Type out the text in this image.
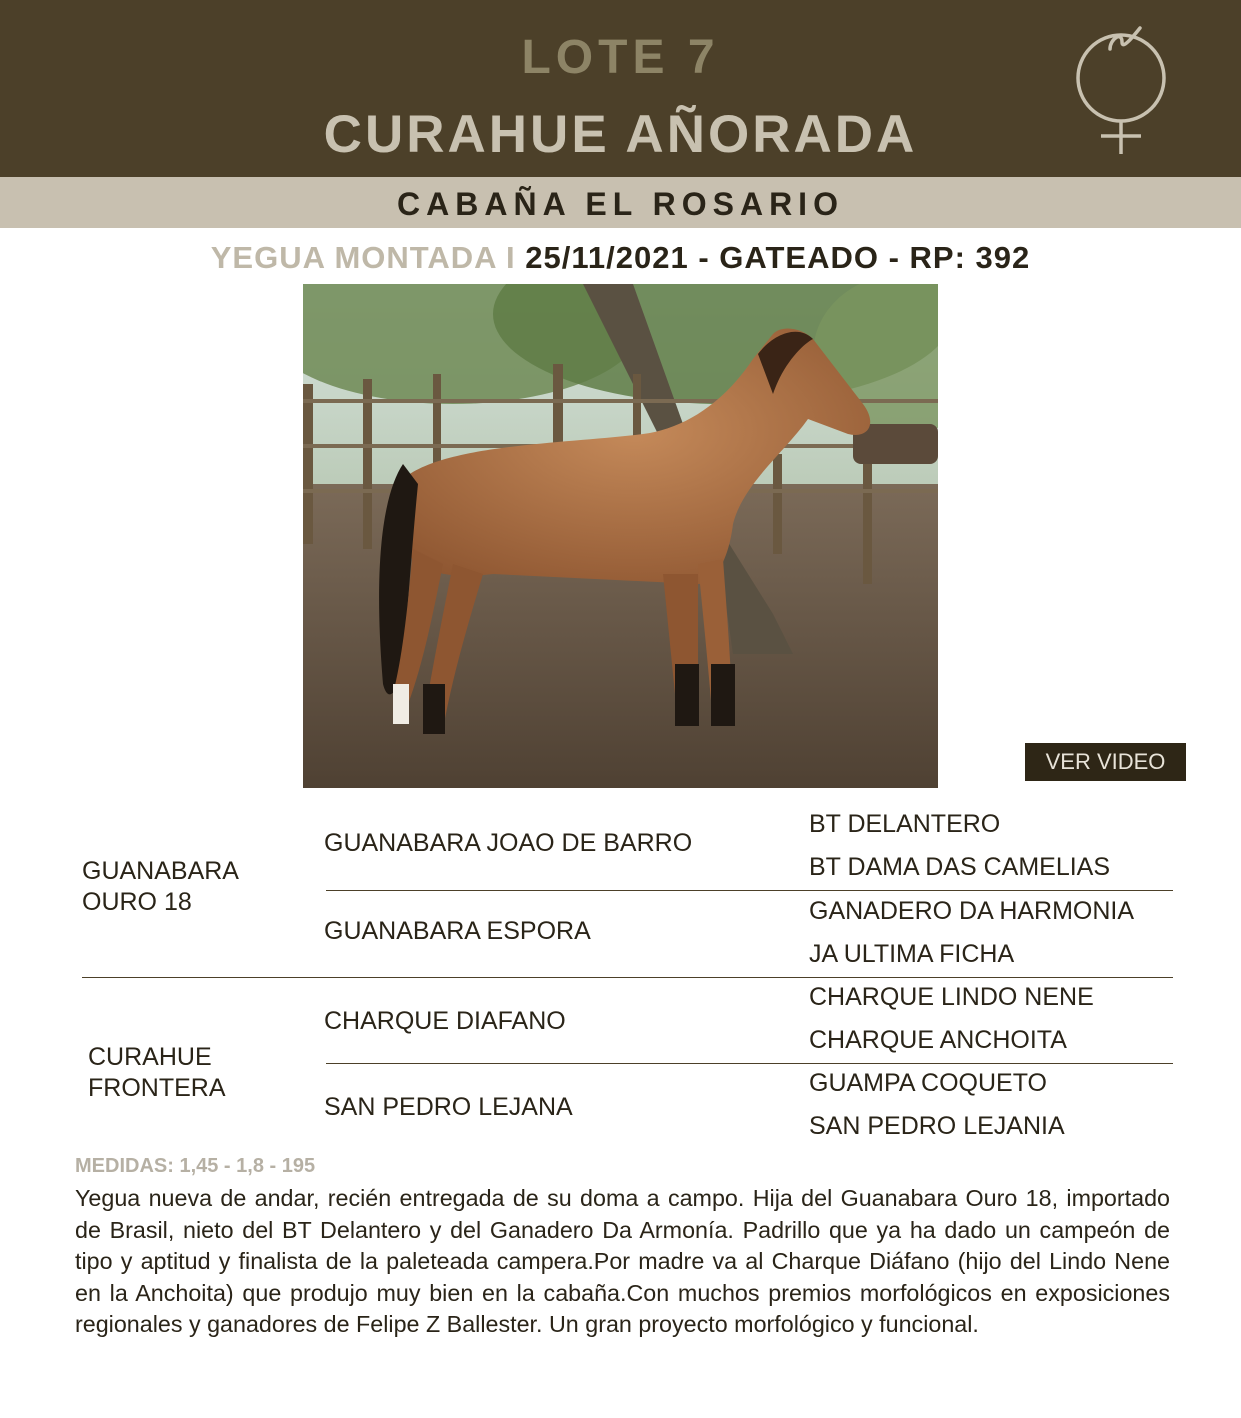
LOTE 7
CURAHUE AÑORADA
CABAÑA EL ROSARIO
YEGUA MONTADA I 25/11/2021 - GATEADO - RP: 392
VER VIDEO
GUANABARA
OURO 18
CURAHUE
FRONTERA
GUANABARA JOAO DE BARRO
GUANABARA ESPORA
CHARQUE DIAFANO
SAN PEDRO LEJANA
BT DELANTERO
BT DAMA DAS CAMELIAS
GANADERO DA HARMONIA
JA ULTIMA FICHA
CHARQUE LINDO NENE
CHARQUE ANCHOITA
GUAMPA COQUETO
SAN PEDRO LEJANIA
MEDIDAS: 1,45 - 1,8 - 195
Yegua nueva de andar, recién entregada de su doma a campo. Hija del Guanabara Ouro 18, importado de Brasil, nieto del BT Delantero y del Ganadero Da Armonía. Padrillo que ya ha dado un campeón de tipo y aptitud y finalista de la paleteada campera.Por madre va al Charque Diáfano (hijo del Lindo Nene en la Anchoita) que produjo muy bien en la cabaña.Con muchos premios morfológicos en exposiciones regionales y ganadores de Felipe Z Ballester. Un gran proyecto morfológico y funcional.
